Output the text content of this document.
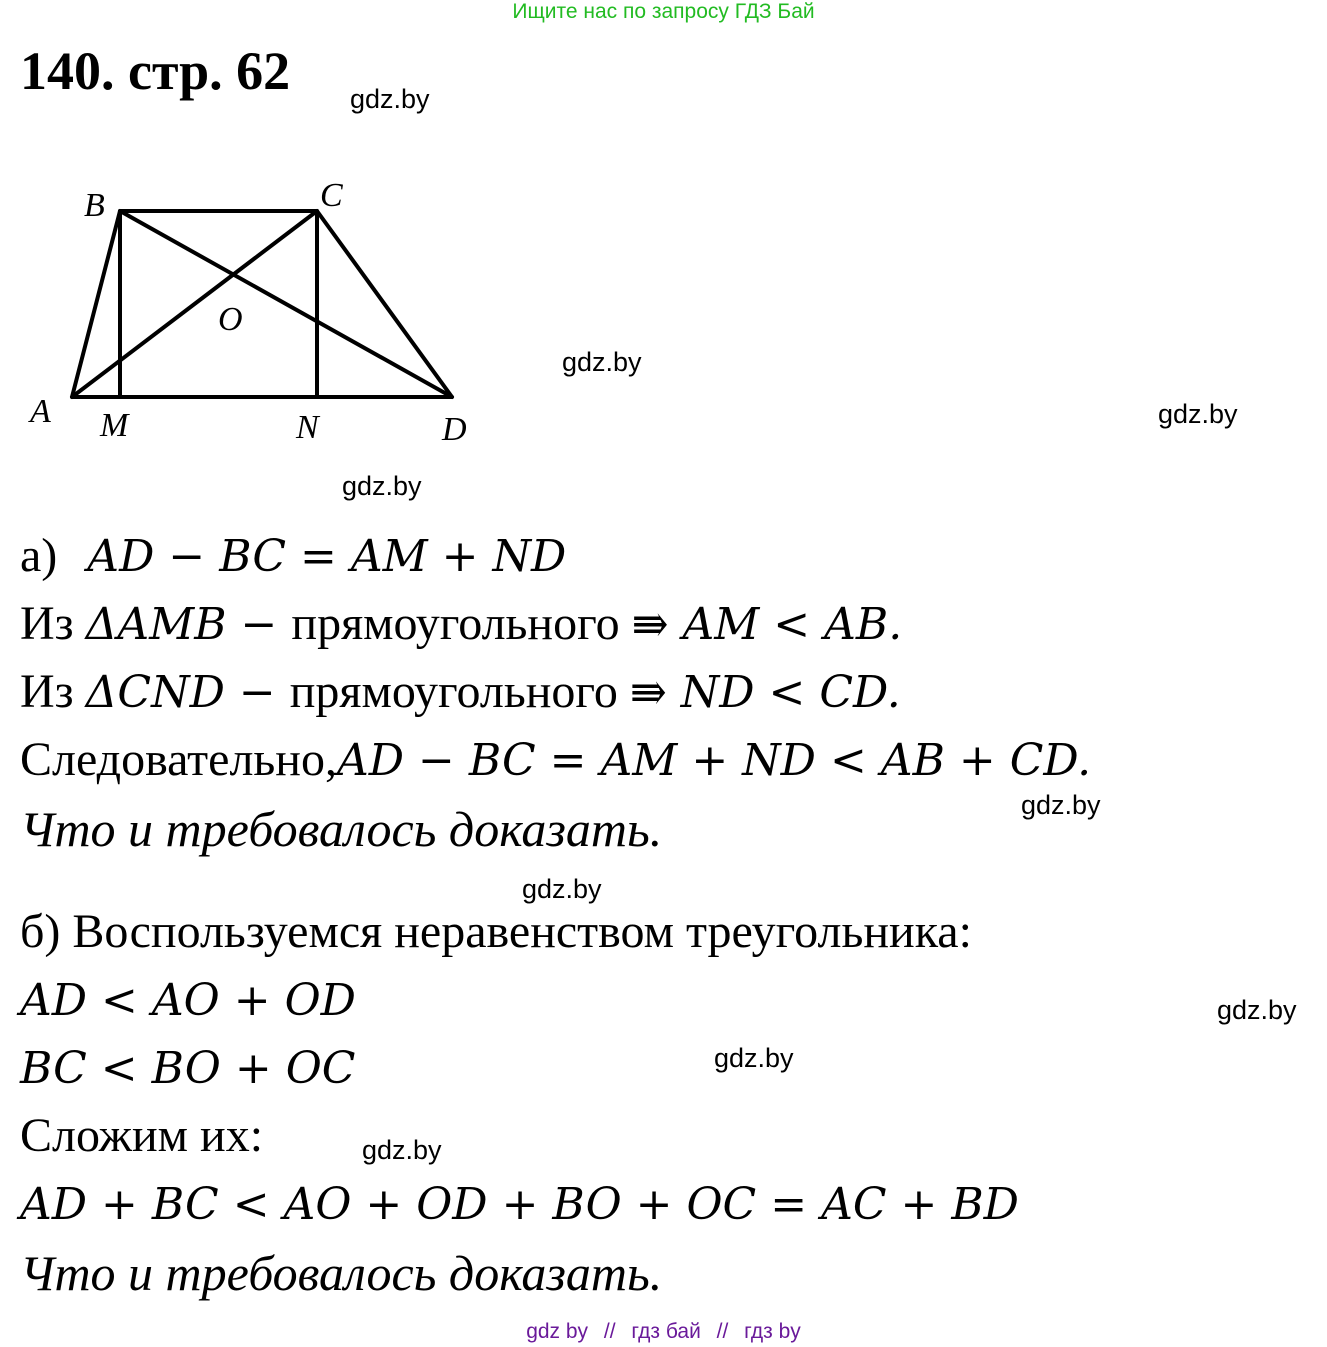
Ищите нас по запросу ГДЗ Бай
140. стр. 62 gdz.by
gdz.by
gdz.by
gdz.by
gdz.by
gdz.by
gdz.by
gdz.by
gdz.by
A
B	C
D
O
M	N
а) AD − BC = AM + ND
Из ΔAMB − прямоугольного ⇛ AM < AB.
Из ΔCND − прямоугольного ⇛ ND < CD.
Следовательно,AD − BC = AM + ND < AB + CD.
Что и требовалось доказать.
б) Воспользуемся неравенством треугольника:
AD < AO + OD
BC < BO + OC
Сложим их:
AD + BC < AO + OD + BO + OC = AC + BD
Что и требовалось доказать.
gdz by // гдз бай // гдз by
